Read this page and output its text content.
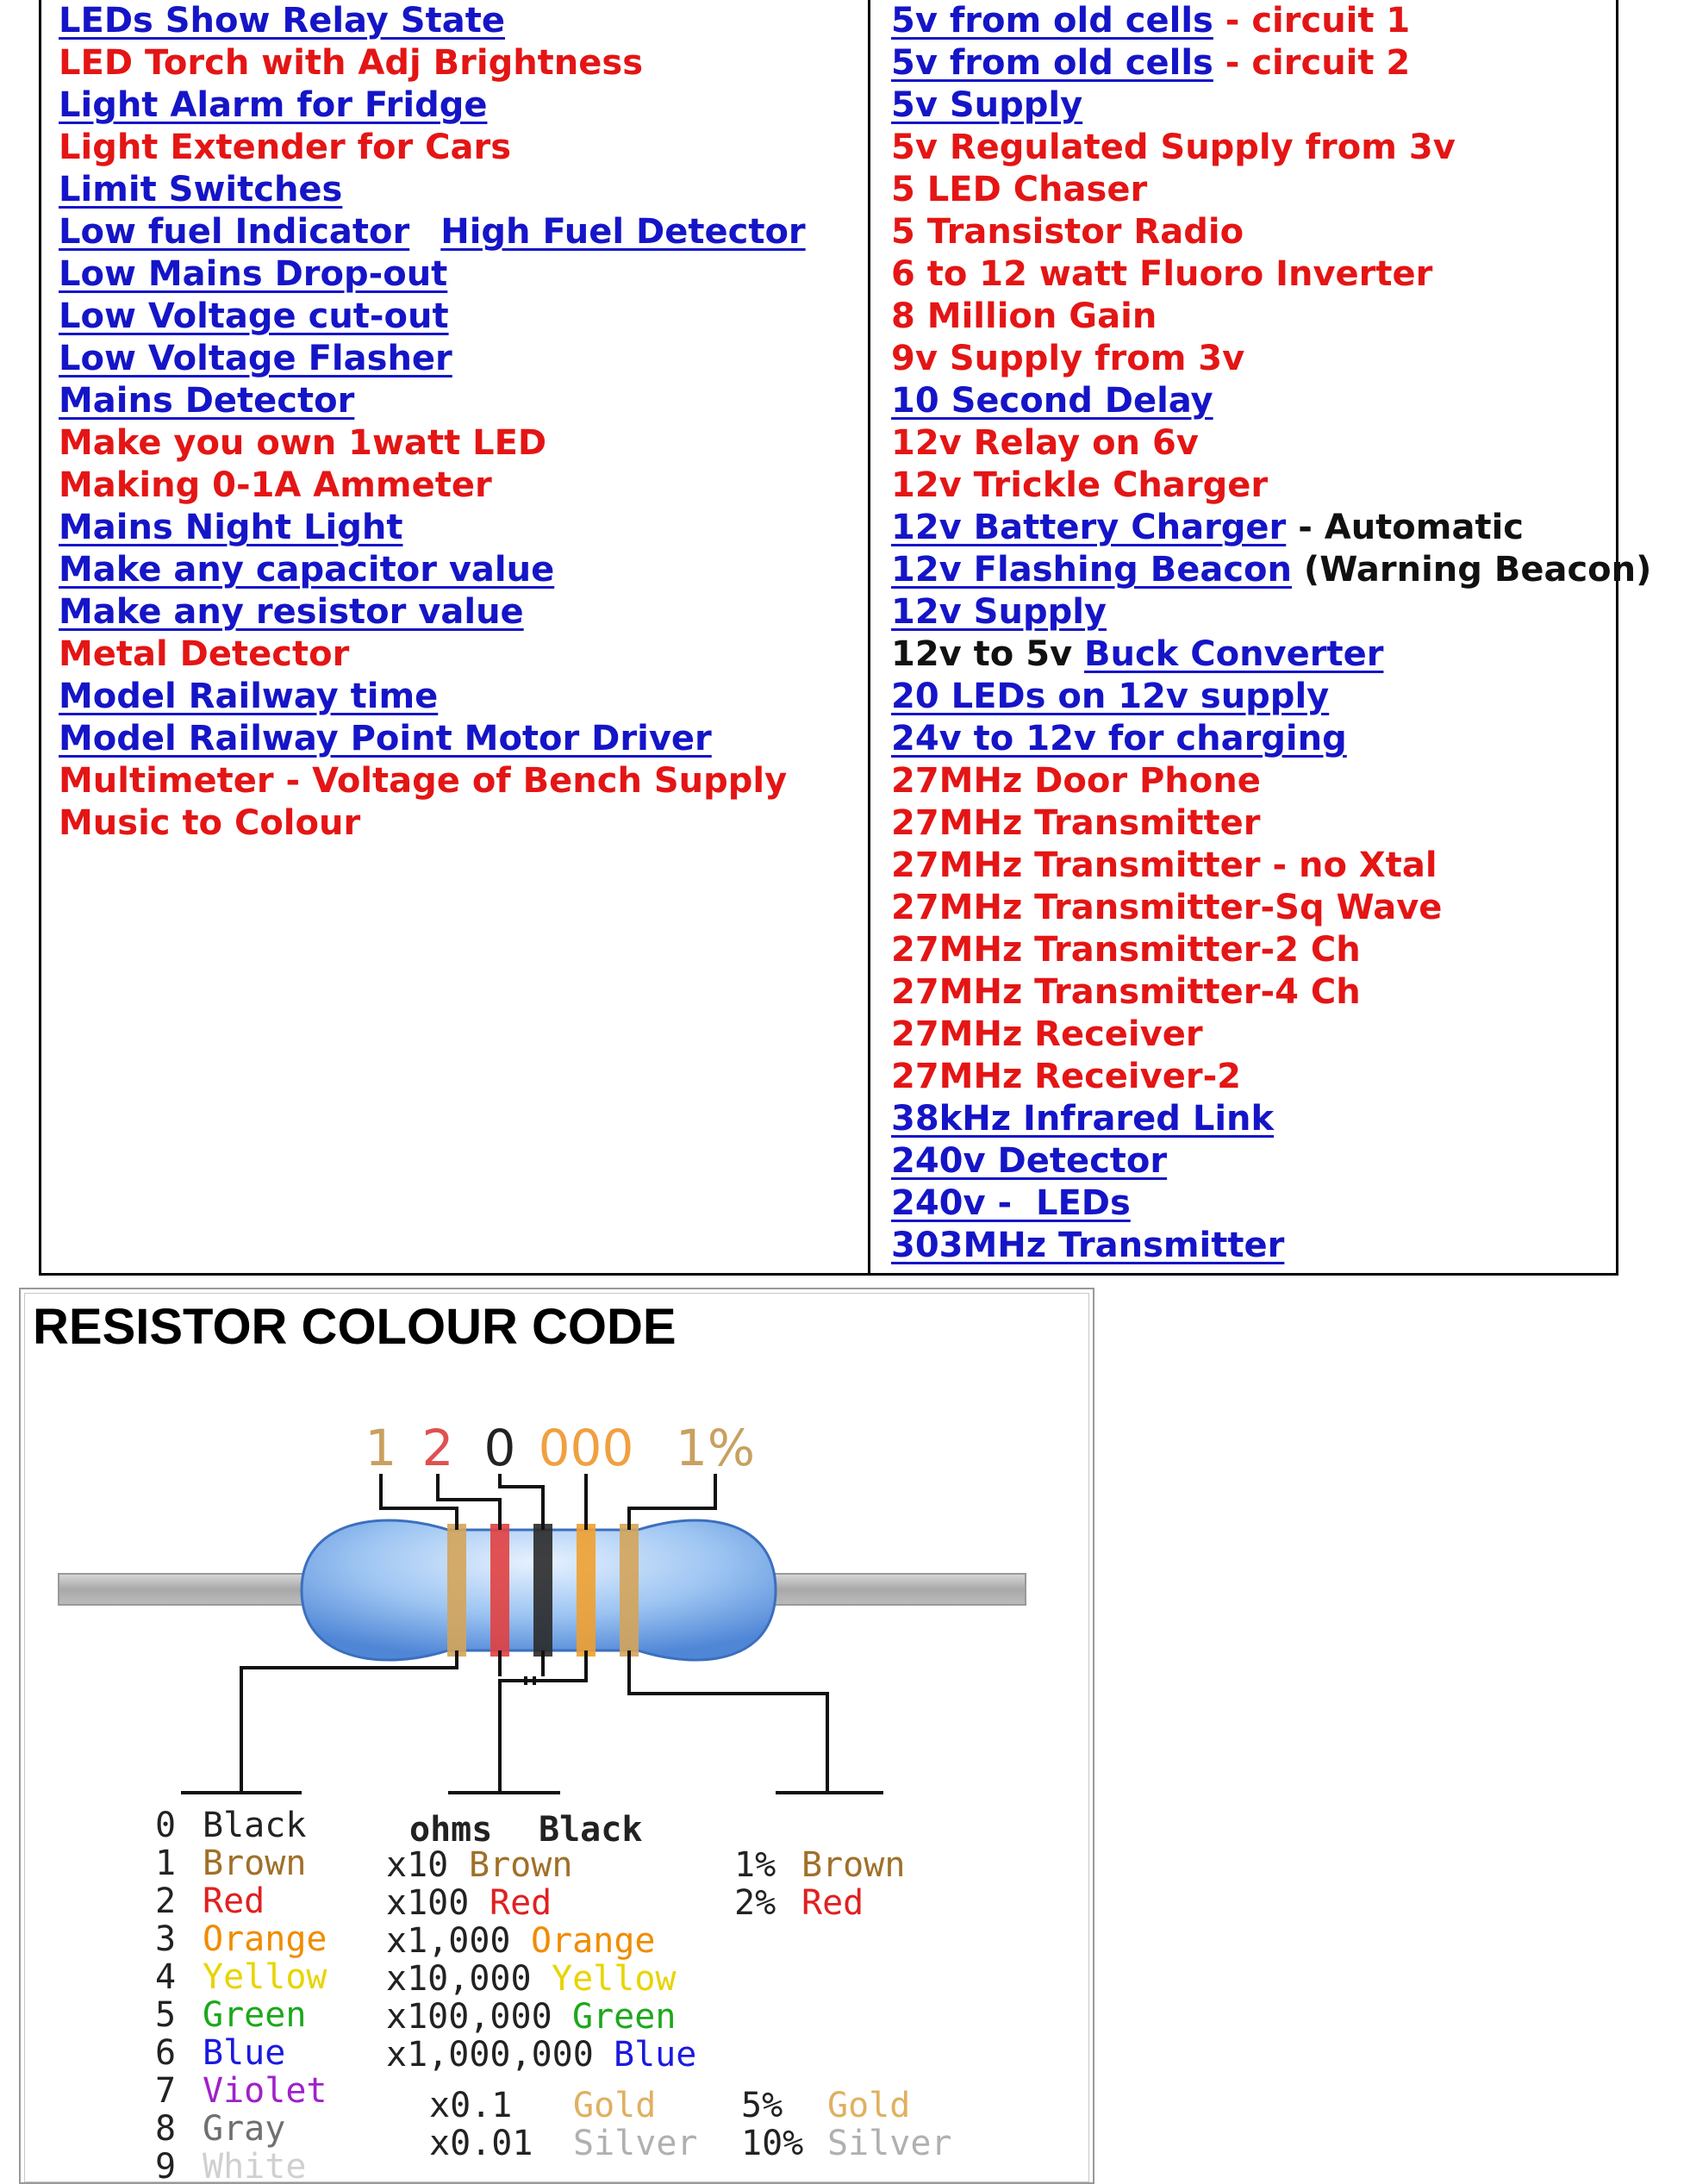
LEDs Show Relay State
LED Torch with Adj Brightness
Light Alarm for Fridge
Light Extender for Cars
Limit Switches
Low fuel Indicator High Fuel Detector
Low Mains Drop-out
Low Voltage cut-out
Low Voltage Flasher
Mains Detector
Make you own 1watt LED
Making 0-1A Ammeter
Mains Night Light
Make any capacitor value
Make any resistor value
Metal Detector
Model Railway time
Model Railway Point Motor Driver
Multimeter - Voltage of Bench Supply
Music to Colour
5v from old cells - circuit 1
5v from old cells - circuit 2
5v Supply
5v Regulated Supply from 3v
5 LED Chaser
5 Transistor Radio
6 to 12 watt Fluoro Inverter
8 Million Gain
9v Supply from 3v
10 Second Delay
12v Relay on 6v
12v Trickle Charger
12v Battery Charger - Automatic
12v Flashing Beacon (Warning Beacon)
12v Supply
12v to 5v Buck Converter
20 LEDs on 12v supply
24v to 12v for charging
27MHz Door Phone
27MHz Transmitter
27MHz Transmitter - no Xtal
27MHz Transmitter-Sq Wave
27MHz Transmitter-2 Ch
27MHz Transmitter-4 Ch
27MHz Receiver
27MHz Receiver-2
38kHz Infrared Link
240v Detector
240v -  LEDs
303MHz Transmitter
RESISTOR COLOUR CODE
1 2 0 000 1%
0 Black
1 Brown
2 Red
3 Orange
4 Yellow
5 Green
6 Blue
7 Violet
8 Gray
9 White
ohms Black
x10 Brown
x100 Red
x1,000 Orange
x10,000 Yellow
x100,000 Green
x1,000,000 Blue
x0.1 Gold
x0.01 Silver
1% Brown
2% Red
5% Gold
10% Silver
